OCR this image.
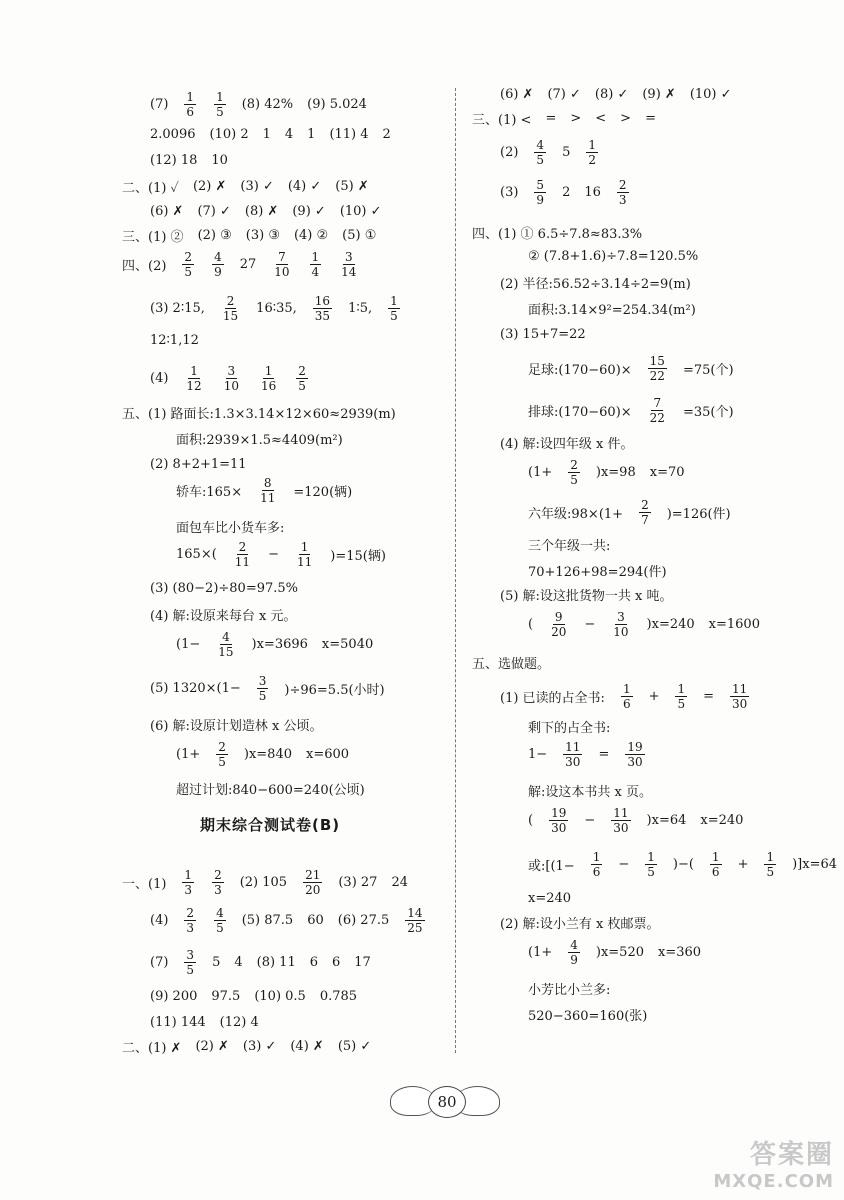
$(7) \frac{1}{6} \frac{1}{5} (8)$ 42% (9) 5.024
2.0096 (10) 2 1 4 1 (11) 4 2
(12) 18 10
二、(1) ✓ (2) ✗ (3) ✓ (4) ✓ (5) ✗
(6) ✗ (7) ✓ (8) ✗ (9) ✓ (10) ✓
三、(1) ② (2) ③ (3) ③ (4) ② (5) ①
四、$(2) \frac{2}{5} \frac{4}{9} 27 \frac{7}{10} \frac{1}{4} \frac{3}{14}$
(3) 2∶15, $\frac{2}{15}$ 16∶35, $\frac{16}{35}$ 1∶5, $\frac{1}{5}$
12∶1,12
$(4) \frac{1}{12} \frac{3}{10} \frac{1}{16} \frac{2}{5}$
五、(1) 路面长:1.3×3.14×12×60≈2939(m)
面积:2939×1.5≈4409(m²)
(2) 8+2+1=11
轿车:165× $\frac{8}{11} =120$(辆)
面包车比小货车多:
$165\times( \frac{2}{11} - \frac{1}{11} )=15$(辆)
(3) (80−2)÷80=97.5%
(4) 解:设原来每台 x 元。
$(1- \frac{4}{15} )x=3696$ x=5040
(5) $1320\times(1- \frac{3}{5} )\div 96=5.5$(小时)
(6) 解:设原计划造林 x 公顷。
$(1+ \frac{2}{5} )x=840$ x=600
超过计划:840−600=240(公顷)
一、$(1) \frac{1}{3} \frac{2}{3} (2)$ $105 \frac{21}{20} (3)$ 27 24
$(4) \frac{2}{3} \frac{4}{5} (5)$ 87.5 60 (6) $27.5 \frac{14}{25}$
$(7) \frac{3}{5} 5$ 4 (8) 11 6 6 17
(9) 200 97.5 (10) 0.5 0.785
(11) 144 (12) 4
二、(1) ✗ (2) ✗ (3) ✓ (4) ✗ (5) ✓
(6) ✗ (7) ✓ (8) ✓ (9) ✗ (10) ✓
三、(1) < = > < > =
$(2) \frac{4}{5} 5 \frac{1}{2}$
$(3) \frac{5}{9} 2$ $16 \frac{2}{3}$
四、(1) ① 6.5÷7.8≈83.3%
② (7.8+1.6)÷7.8=120.5%
(2) 半径:56.52÷3.14÷2=9(m)
面积:3.14×9²=254.34(m²)
(3) 15+7=22
足球:(170−60)× $\frac{15}{22} =75$(个)
排球:(170−60)× $\frac{7}{22} =35$(个)
(4) 解:设四年级 x 件。
$(1+ \frac{2}{5} )x=98$ x=70
六年级:98×(1+ $\frac{2}{7} )=126$(件)
三个年级一共:
70+126+98=294(件)
(5) 解:设这批货物一共 x 吨。
( $\frac{9}{20} - \frac{3}{10} )x=240$ x=1600
五、选做题。
(1) 已读的占全书: $\frac{1}{6} + \frac{1}{5} = \frac{11}{30}$
剩下的占全书:
$1- \frac{11}{30} = \frac{19}{30}$
解:设这本书共 x 页。
( $\frac{19}{30} - \frac{11}{30} )x=64$ x=240
或:[(1− $\frac{1}{6} - \frac{1}{5}$ )−( $\frac{1}{6} + \frac{1}{5} )]x=64$
x=240
(2) 解:设小兰有 x 枚邮票。
$(1+ \frac{4}{9} )x=520$ x=360
小芳比小兰多:
520−360=160(张)
期末综合测试卷(B)
80
答案圈
MXQE.COM
